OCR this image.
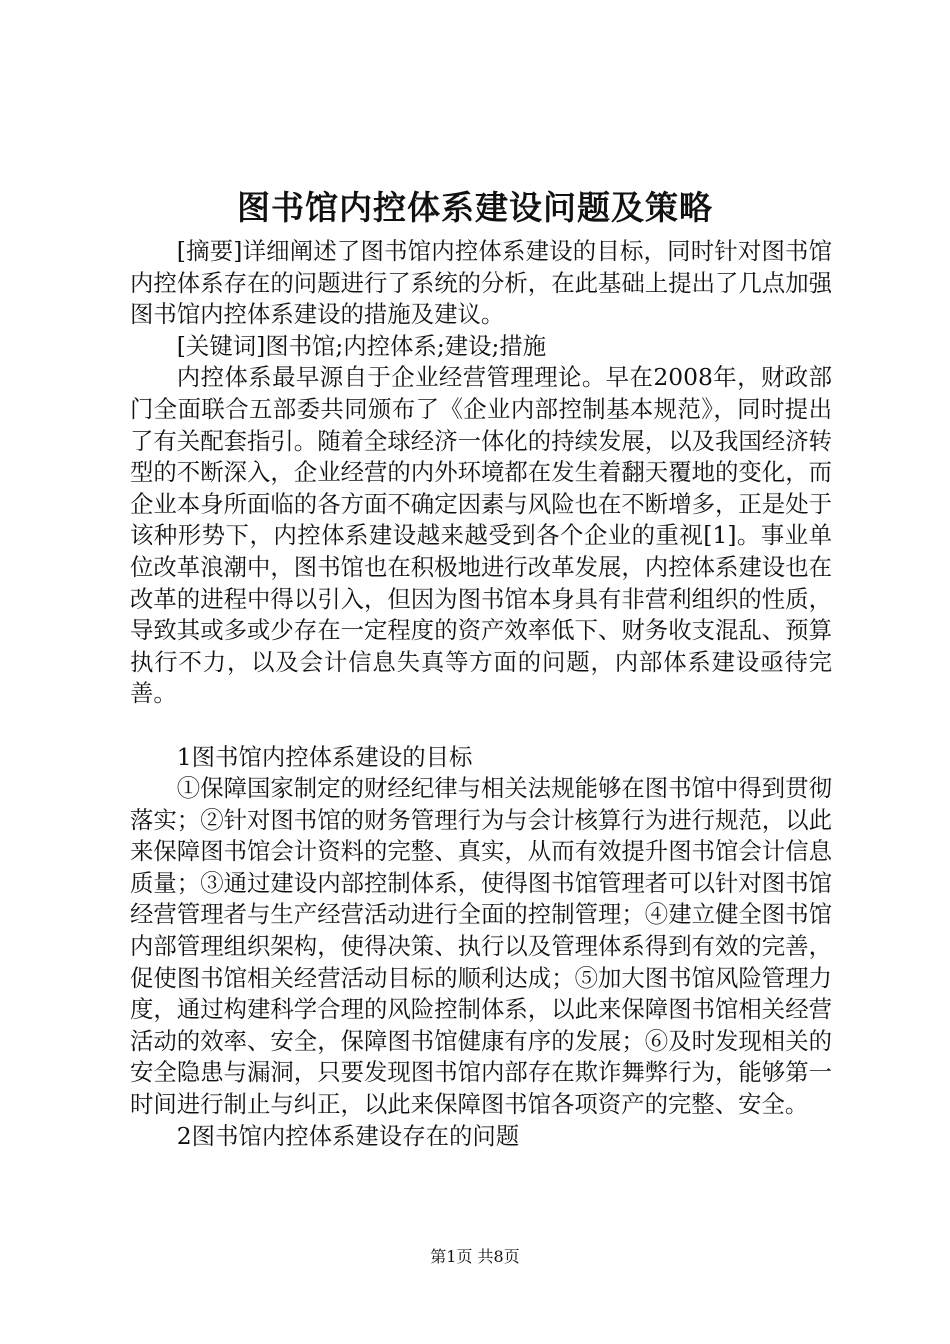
图书馆内控体系建设问题及策略

[摘要]详细阐述了图书馆内控体系建设的目标，同时针对图书馆内控体系存在的问题进行了系统的分析，在此基础上提出了几点加强图书馆内控体系建设的措施及建议。

[关键词]图书馆;内控体系;建设;措施

内控体系最早源自于企业经营管理理论。早在2008年，财政部门全面联合五部委共同颁布了《企业内部控制基本规范》，同时提出了有关配套指引。随着全球经济一体化的持续发展，以及我国经济转型的不断深入，企业经营的内外环境都在发生着翻天覆地的变化，而企业本身所面临的各方面不确定因素与风险也在不断增多，正是处于该种形势下，内控体系建设越来越受到各个企业的重视[1]。事业单位改革浪潮中，图书馆也在积极地进行改革发展，内控体系建设也在改革的进程中得以引入，但因为图书馆本身具有非营利组织的性质，导致其或多或少存在一定程度的资产效率低下、财务收支混乱、预算执行不力，以及会计信息失真等方面的问题，内部体系建设亟待完善。

1图书馆内控体系建设的目标

①保障国家制定的财经纪律与相关法规能够在图书馆中得到贯彻落实；②针对图书馆的财务管理行为与会计核算行为进行规范，以此来保障图书馆会计资料的完整、真实，从而有效提升图书馆会计信息质量；③通过建设内部控制体系，使得图书馆管理者可以针对图书馆经营管理者与生产经营活动进行全面的控制管理；④建立健全图书馆内部管理组织架构，使得决策、执行以及管理体系得到有效的完善，促使图书馆相关经营活动目标的顺利达成；⑤加大图书馆风险管理力度，通过构建科学合理的风险控制体系，以此来保障图书馆相关经营活动的效率、安全，保障图书馆健康有序的发展；⑥及时发现相关的安全隐患与漏洞，只要发现图书馆内部存在欺诈舞弊行为，能够第一时间进行制止与纠正，以此来保障图书馆各项资产的完整、安全。

2图书馆内控体系建设存在的问题

第1页 共8页
